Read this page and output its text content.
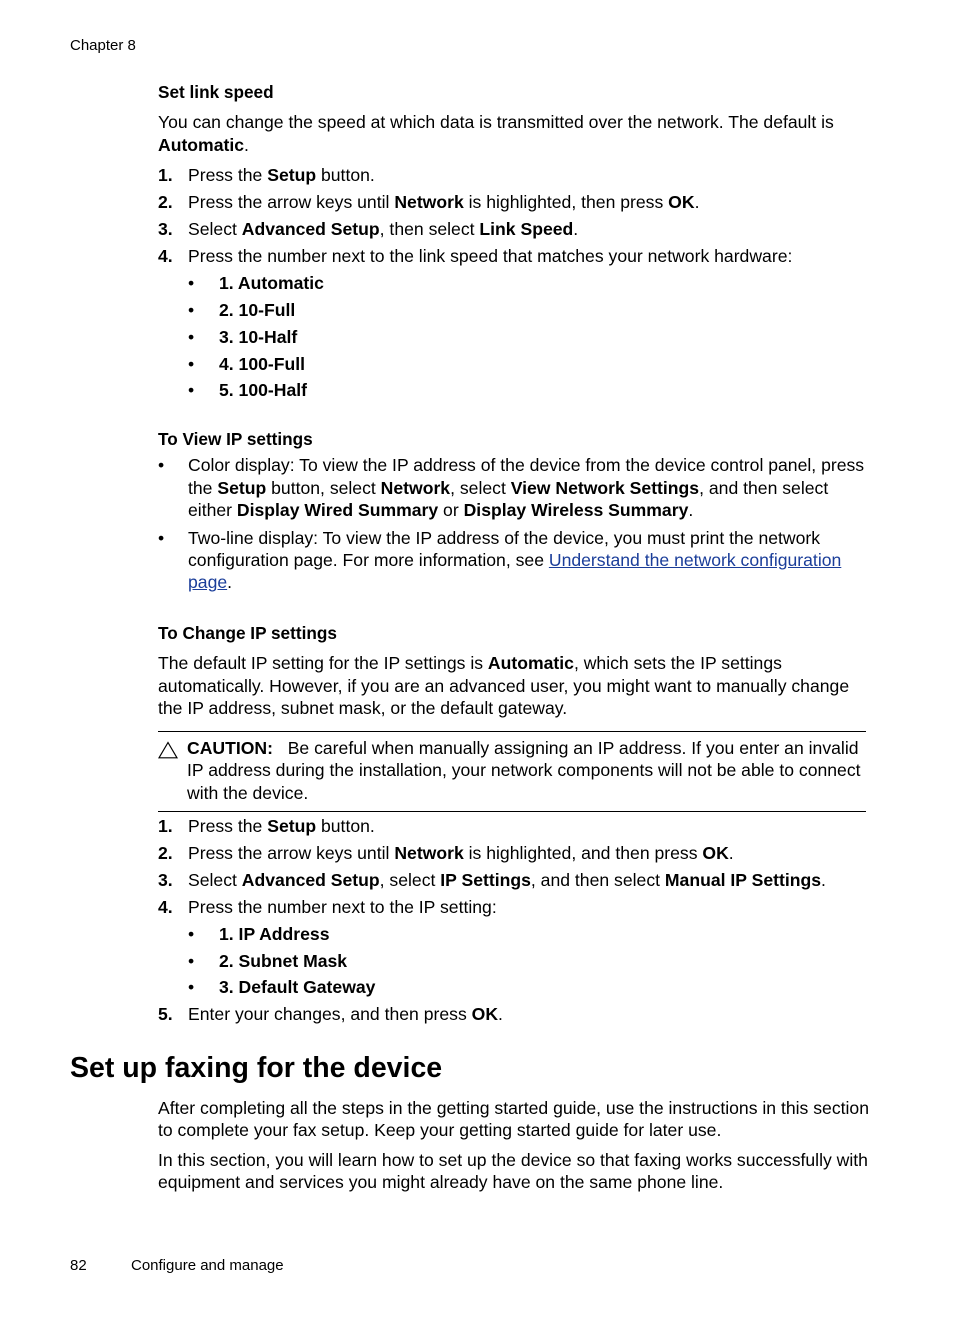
Chapter 8
Set link speed

You can change the speed at which data is transmitted over the network. The default is Automatic.

1. Press the Setup button.
2. Press the arrow keys until Network is highlighted, then press OK.
3. Select Advanced Setup, then select Link Speed.
4. Press the number next to the link speed that matches your network hardware:
• 1. Automatic
• 2. 10-Full
• 3. 10-Half
• 4. 100-Full
• 5. 100-Half
To View IP settings
• Color display: To view the IP address of the device from the device control panel, press the Setup button, select Network, select View Network Settings, and then select either Display Wired Summary or Display Wireless Summary.
• Two-line display: To view the IP address of the device, you must print the network configuration page. For more information, see Understand the network configuration page.
To Change IP settings

The default IP setting for the IP settings is Automatic, which sets the IP settings automatically. However, if you are an advanced user, you might want to manually change the IP address, subnet mask, or the default gateway.

CAUTION: Be careful when manually assigning an IP address. If you enter an invalid IP address during the installation, your network components will not be able to connect with the device.
1. Press the Setup button.
2. Press the arrow keys until Network is highlighted, and then press OK.
3. Select Advanced Setup, select IP Settings, and then select Manual IP Settings.
4. Press the number next to the IP setting:
• 1. IP Address
• 2. Subnet Mask
• 3. Default Gateway
5. Enter your changes, and then press OK.
Set up faxing for the device

After completing all the steps in the getting started guide, use the instructions in this section to complete your fax setup. Keep your getting started guide for later use.

In this section, you will learn how to set up the device so that faxing works successfully with equipment and services you might already have on the same phone line.

82	Configure and manage
